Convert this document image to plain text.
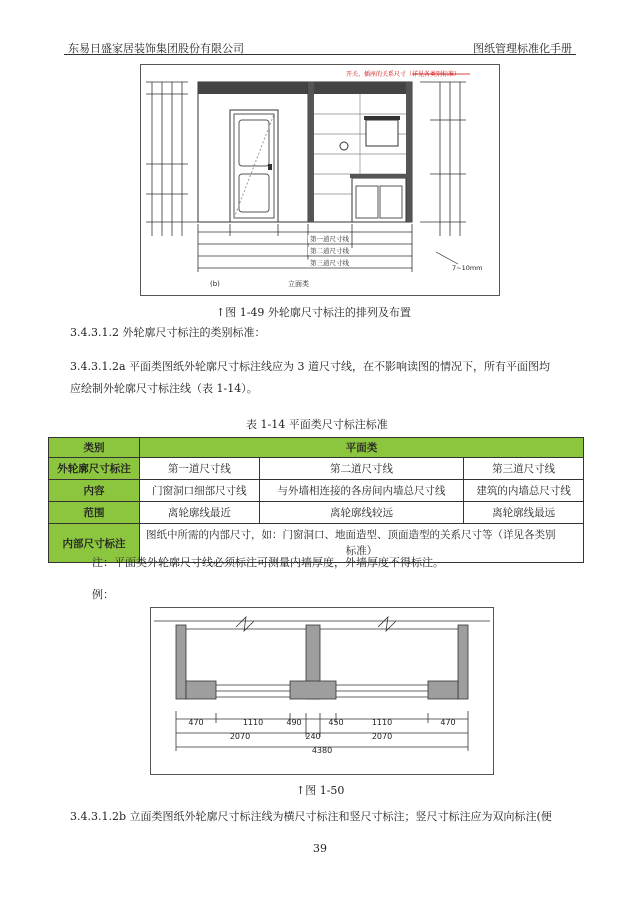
东易日盛家居装饰集团股份有限公司	图纸管理标准化手册
开关、插座的关系尺寸（详见各类别标准）
第一道尺寸线
第二道尺寸线
第三道尺寸线
7~10mm
(b)	立面类
↑图 1-49 外轮廓尺寸标注的排列及布置
3.4.3.1.2 外轮廓尺寸标注的类别标准：
3.4.3.1.2a 平面类图纸外轮廓尺寸标注线应为 3 道尺寸线，在不影响读图的情况下，所有平面图均
应绘制外轮廓尺寸标注线（表 1-14）。
表 1-14 平面类尺寸标注标准
类别	平面类		
外轮廓尺寸标注	第一道尺寸线	第二道尺寸线	第三道尺寸线
内容	门窗洞口细部尺寸线	与外墙相连接的各房间内墙总尺寸线	建筑的内墙总尺寸线
范围	离轮廓线最近	离轮廓线较远	离轮廓线最远
内部尺寸标注	图纸中所需的内部尺寸，如：门窗洞口、地面造型、顶面造型的关系尺寸等（详见各类别
标准）		
注：平面类外轮廓尺寸线必须标注可测量内墙厚度，外墙厚度不得标注。
例：
470	1110	490	450	1110	470
2070	240	2070
4380
↑图 1-50
3.4.3.1.2b 立面类图纸外轮廓尺寸标注线为横尺寸标注和竖尺寸标注；竖尺寸标注应为双向标注(便
39
